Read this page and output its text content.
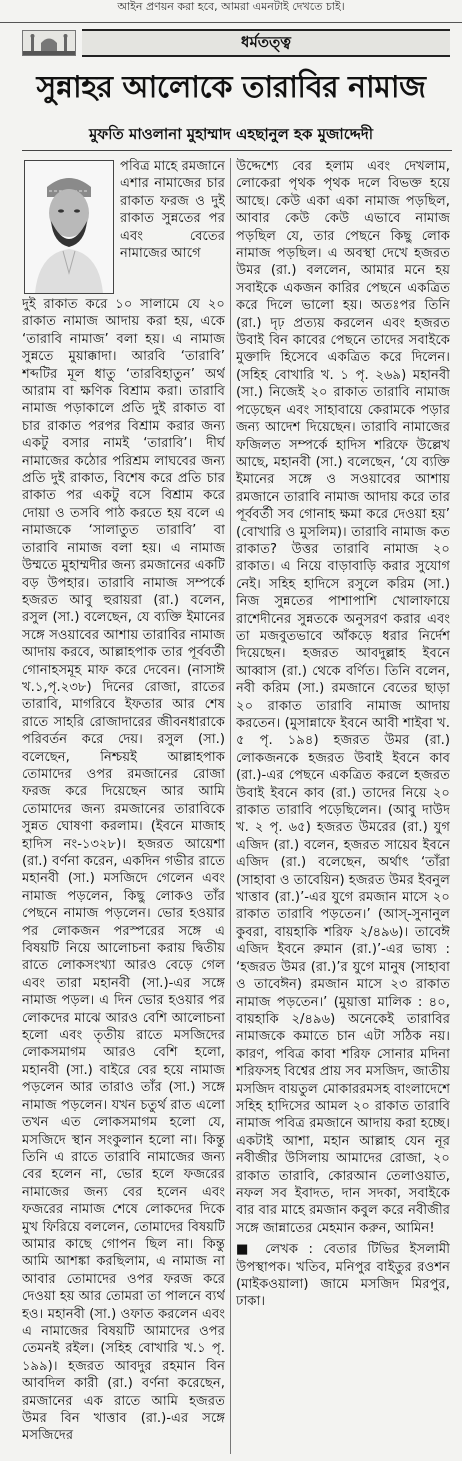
আইন প্রণয়ন করা হবে, আমরা এমনটাই দেখতে চাই।
ধর্মতত্ত্ব
সুন্নাহর আলোকে তারাবির নামাজ
মুফতি মাওলানা মুহাম্মাদ এহছানুল হক মুজাদ্দেদী

পবিত্র মাহে রমজানে এশার নামাজের চার রাকাত ফরজ ও দুই রাকাত সুন্নতের পর এবং বেতের নামাজের আগে

দুই রাকাত করে ১০ সালামে যে ২০ রাকাত নামাজ আদায় করা হয়, একে ‘তারাবি নামাজ’ বলা হয়। এ নামাজ সুন্নতে মুয়াক্কাদা। আরবি ‘তারাবি’ শব্দটির মূল ধাতু ‘তারবিহাতুন’ অর্থ আরাম বা ক্ষণিক বিশ্রাম করা। তারাবি নামাজ পড়াকালে প্রতি দুই রাকাত বা চার রাকাত পরপর বিশ্রাম করার জন্য একটু বসার নামই ‘তারাবি’। দীর্ঘ নামাজের কঠোর পরিশ্রম লাঘবের জন্য প্রতি দুই রাকাত, বিশেষ করে প্রতি চার রাকাত পর একটু বসে বিশ্রাম করে দোয়া ও তসবি পাঠ করতে হয় বলে এ নামাজকে ‘সালাতুত তারাবি’ বা তারাবি নামাজ বলা হয়। এ নামাজ উম্মতে মুহাম্মদীর জন্য রমজানের একটি বড় উপহার। তারাবি নামাজ সম্পর্কে হজরত আবু হুরায়রা (রা.) বলেন, রসুল (সা.) বলেছেন, যে ব্যক্তি ইমানের সঙ্গে সওয়াবের আশায় তারাবির নামাজ আদায় করবে, আল্লাহপাক তার পূর্ববর্তী গোনাহসমূহ মাফ করে দেবেন। (নাসাঈ খ.১,পৃ.২৩৮) দিনের রোজা, রাতের তারাবি, মাগরিবে ইফতার আর শেষ রাতে সাহরি রোজাদারের জীবনধারাকে পরিবর্তন করে দেয়। রসুল (সা.) বলেছেন, নিশ্চয়ই আল্লাহপাক তোমাদের ওপর রমজানের রোজা ফরজ করে দিয়েছেন আর আমি তোমাদের জন্য রমজানের তারাবিকে সুন্নত ঘোষণা করলাম। (ইবনে মাজাহ হাদিস নং-১৩২৮)। হজরত আয়েশা (রা.) বর্ণনা করেন, একদিন গভীর রাতে মহানবী (সা.) মসজিদে গেলেন এবং নামাজ পড়লেন, কিছু লোকও তাঁর পেছনে নামাজ পড়লেন। ভোর হওয়ার পর লোকজন পরস্পরের সঙ্গে এ বিষয়টি নিয়ে আলোচনা করায় দ্বিতীয় রাতে লোকসংখ্যা আরও বেড়ে গেল এবং তারা মহানবী (সা.)-এর সঙ্গে নামাজ পড়ল। এ দিন ভোর হওয়ার পর লোকদের মাঝে আরও বেশি আলোচনা হলো এবং তৃতীয় রাতে মসজিদের লোকসমাগম আরও বেশি হলো, মহানবী (সা.) বাইরে বের হয়ে নামাজ পড়লেন আর তারাও তাঁর (সা.) সঙ্গে নামাজ পড়লেন। যখন চতুর্থ রাত এলো তখন এত লোকসমাগম হলো যে, মসজিদে স্থান সংকুলান হলো না। কিন্তু তিনি এ রাতে তারাবি নামাজের জন্য বের হলেন না, ভোর হলে ফজরের নামাজের জন্য বের হলেন এবং ফজরের নামাজ শেষে লোকদের দিকে মুখ ফিরিয়ে বললেন, তোমাদের বিষয়টি আমার কাছে গোপন ছিল না। কিন্তু আমি আশঙ্কা করছিলাম, এ নামাজ না আবার তোমাদের ওপর ফরজ করে দেওয়া হয় আর তোমরা তা পালনে ব্যর্থ হও। মহানবী (সা.) ওফাত করলেন এবং এ নামাজের বিষয়টি আমাদের ওপর তেমনই রইল। (সহিহ বোখারি খ.১ পৃ. ১৯৯)। হজরত আবদুর রহমান বিন আবদিল কারী (রা.) বর্ণনা করেছেন, রমজানের এক রাতে আমি হজরত উমর বিন খাত্তাব (রা.)-এর সঙ্গে মসজিদের

উদ্দেশ্যে বের হলাম এবং দেখলাম, লোকেরা পৃথক পৃথক দলে বিভক্ত হয়ে আছে। কেউ একা একা নামাজ পড়ছিল, আবার কেউ কেউ এভাবে নামাজ পড়ছিল যে, তার পেছনে কিছু লোক নামাজ পড়ছিল। এ অবস্থা দেখে হজরত উমর (রা.) বললেন, আমার মনে হয় সবাইকে একজন কারির পেছনে একত্রিত করে দিলে ভালো হয়। অতঃপর তিনি (রা.) দৃঢ় প্রত্যয় করলেন এবং হজরত উবাই বিন কাবের পেছনে তাদের সবাইকে মুক্তাদি হিসেবে একত্রিত করে দিলেন। (সহিহ বোখারি খ. ১ পৃ. ২৬৯) মহানবী (সা.) নিজেই ২০ রাকাত তারাবি নামাজ পড়েছেন এবং সাহাবায়ে কেরামকে পড়ার জন্য আদেশ দিয়েছেন। তারাবি নামাজের ফজিলত সম্পর্কে হাদিস শরিফে উল্লেখ আছে, মহানবী (সা.) বলেছেন, ‘যে ব্যক্তি ইমানের সঙ্গে ও সওয়াবের আশায় রমজানে তারাবি নামাজ আদায় করে তার পূর্ববর্তী সব গোনাহ ক্ষমা করে দেওয়া হয়’ (বোখারি ও মুসলিম)। তারাবি নামাজ কত রাকাত? উত্তর তারাবি নামাজ ২০ রাকাত। এ নিয়ে বাড়াবাড়ি করার সুযোগ নেই। সহিহ হাদিসে রসুলে করিম (সা.) নিজ সুন্নতের পাশাপাশি খোলাফায়ে রাশেদীনের সুন্নতকে অনুসরণ করার এবং তা মজবুতভাবে আঁকড়ে ধরার নির্দেশ দিয়েছেন। হজরত আবদুল্লাহ ইবনে আব্বাস (রা.) থেকে বর্ণিত। তিনি বলেন, নবী করিম (সা.) রমজানে বেতের ছাড়া ২০ রাকাত তারাবি নামাজ আদায় করতেন। (মুসান্নাফে ইবনে আবী শাইবা খ. ৫ পৃ. ১৯৪) হজরত উমর (রা.) লোকজনকে হজরত উবাই ইবনে কাব (রা.)-এর পেছনে একত্রিত করলে হজরত উবাই ইবনে কাব (রা.) তাদের নিয়ে ২০ রাকাত তারাবি পড়েছিলেন। (আবু দাউদ খ. ২ পৃ. ৬৫) হজরত উমরের (রা.) যুগ এজিদ (রা.) বলেন, হজরত সায়েব ইবনে এজিদ (রা.) বলেছেন, অর্থাৎ ‘তাঁরা (সাহাবা ও তাবেয়িন) হজরত উমর ইবনুল খাত্তাব (রা.)’-এর যুগে রমজান মাসে ২০ রাকাত তারাবি পড়তেন।’ (আস্-সুনানুল কুবরা, বায়হাকি শরিফ ২/৪৯৬)। তাবেঈ এজিদ ইবনে রুমান (রা.)’-এর ভাষ্য : ‘হজরত উমর (রা.)’র যুগে মানুষ (সাহাবা ও তাবেঈন) রমজান মাসে ২৩ রাকাত নামাজ পড়তেন।’ (মুয়াত্তা মালিক : ৪০, বায়হাকি ২/৪৯৬) অনেকেই তারাবির নামাজকে কমাতে চান এটা সঠিক নয়। কারণ, পবিত্র কাবা শরিফ সোনার মদিনা শরিফসহ বিশ্বের প্রায় সব মসজিদ, জাতীয় মসজিদ বায়তুল মোকাররমসহ বাংলাদেশে সহিহ হাদিসের আমল ২০ রাকাত তারাবি নামাজ পবিত্র রমজানে আদায় করা হচ্ছে। একটাই আশা, মহান আল্লাহ যেন নূর নবীজীর উসিলায় আমাদের রোজা, ২০ রাকাত তারাবি, কোরআন তেলাওয়াত, নফল সব ইবাদত, দান সদকা, সবাইকে বার বার মাহে রমজান কবুল করে নবীজীর সঙ্গে জান্নাতের মেহমান করুন, আমিন!

■ লেখক : বেতার টিভির ইসলামী উপস্থাপক। খতিব, মনিপুর বাইতুর রওশন (মাইকওয়ালা) জামে মসজিদ মিরপুর, ঢাকা।
